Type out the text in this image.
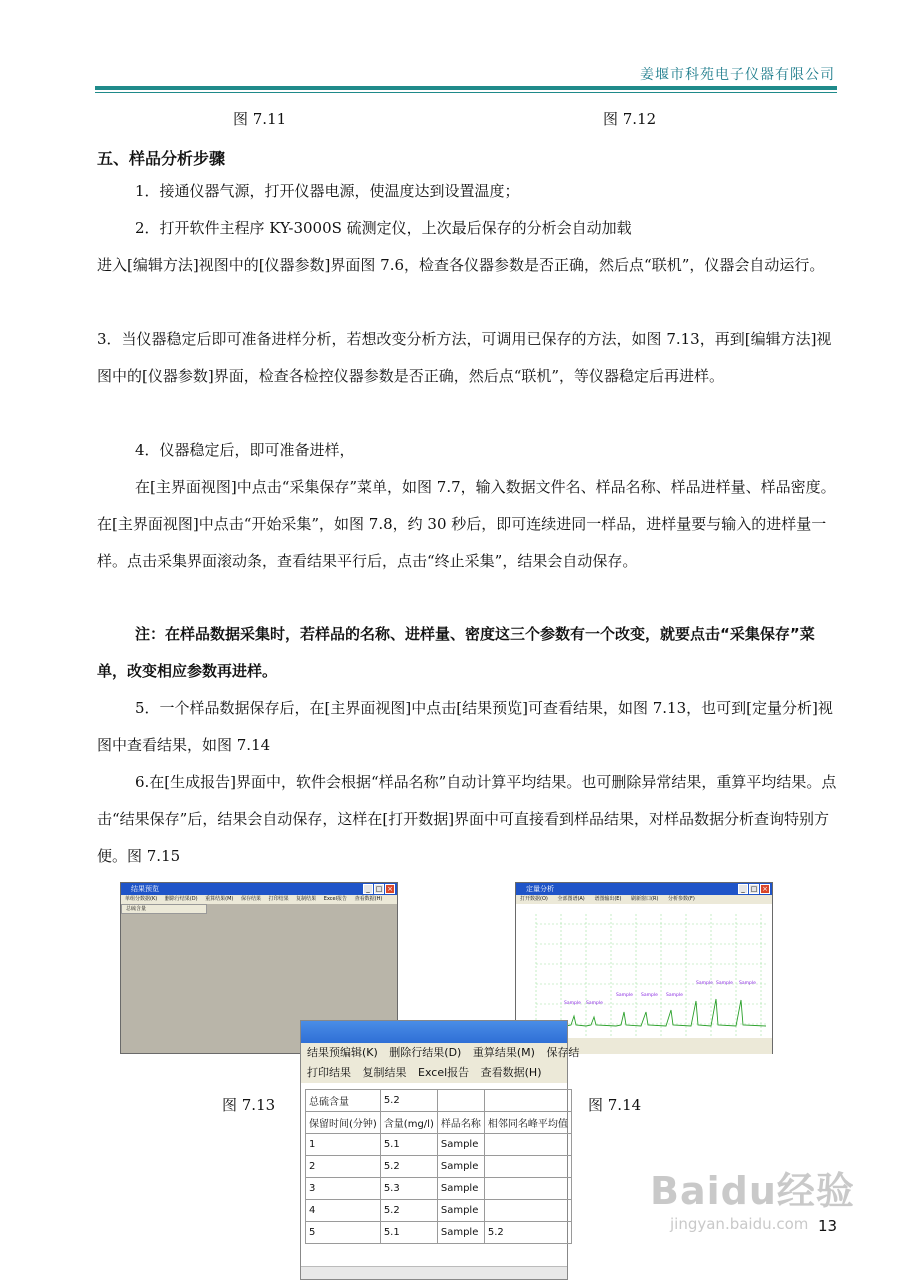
姜堰市科苑电子仪器有限公司
图 7.11	图 7.12
五、样品分析步骤

1．接通仪器气源，打开仪器电源，使温度达到设置温度；

2．打开软件主程序 KY-3000S 硫测定仪，上次最后保存的分析会自动加载

进入[编辑方法]视图中的[仪器参数]界面图 7.6，检查各仪器参数是否正确，然后点“联机”，仪器会自动运行。

3．当仪器稳定后即可准备进样分析，若想改变分析方法，可调用已保存的方法，如图 7.13，再到[编辑方法]视图中的[仪器参数]界面，检查各检控仪器参数是否正确，然后点“联机”，等仪器稳定后再进样。

4．仪器稳定后，即可准备进样，

在[主界面视图]中点击“采集保存”菜单，如图 7.7，输入数据文件名、样品名称、样品进样量、样品密度。在[主界面视图]中点击“开始采集”，如图 7.8，约 30 秒后，即可连续进同一样品，进样量要与输入的进样量一样。点击采集界面滚动条，查看结果平行后，点击“终止采集”，结果会自动保存。

注：在样品数据采集时，若样品的名称、进样量、密度这三个参数有一个改变，就要点击“采集保存”菜单，改变相应参数再进样。

5．一个样品数据保存后，在[主界面视图]中点击[结果预览]可查看结果，如图 7.13，也可到[定量分析]视图中查看结果，如图 7.14

6.在[生成报告]界面中，软件会根据“样品名称”自动计算平均结果。也可删除异常结果，重算平均结果。点击“结果保存”后，结果会自动保存，这样在[打开数据]界面中可直接看到样品结果，对样品数据分析查询特别方便。图 7.15

结果预览	_ □ ×
单组分数据(K) 删除行结果(D) 重算结果(M) 保存结果 打印结果 复制结果 Excel报告 查看数据(H)
总硫含量
定量分析	_ □ ×
打开数据(O) 全部图谱(A) 谱图输出(E) 刷新窗口(R) 分析参数(F)
Sample Sample
Sample Sample Sample
Sample Sample Sample
图 7.13	图 7.14
结果预编辑(K) 删除行结果(D) 重算结果(M) 保存结
打印结果 复制结果 Excel报告 查看数据(H)
总硫含量	5.2		
保留时间(分钟)	含量(mg/l)	样品名称	相邻同名峰平均值
1	5.1	Sample	
2	5.2	Sample	
3	5.3	Sample	
4	5.2	Sample	
5	5.1	Sample	5.2
Baidu经验
jingyan.baidu.com 13
